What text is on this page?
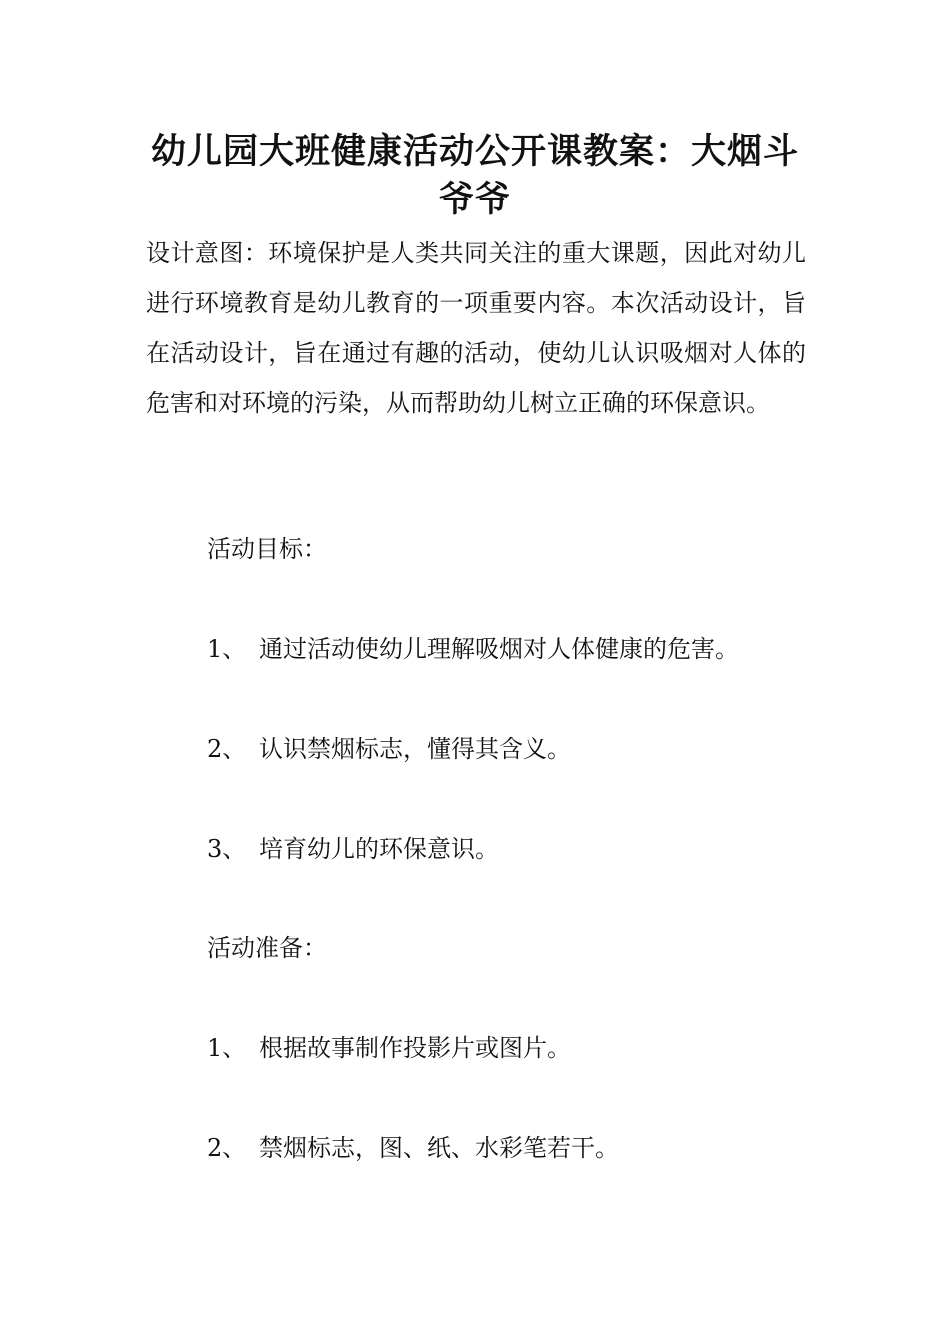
幼儿园大班健康活动公开课教案：大烟斗爷爷

设计意图：环境保护是人类共同关注的重大课题，因此对幼儿进行环境教育是幼儿教育的一项重要内容。本次活动设计，旨在活动设计，旨在通过有趣的活动，使幼儿认识吸烟对人体的危害和对环境的污染，从而帮助幼儿树立正确的环保意识。

活动目标：

1、 通过活动使幼儿理解吸烟对人体健康的危害。

2、 认识禁烟标志，懂得其含义。

3、 培育幼儿的环保意识。

活动准备：

1、 根据故事制作投影片或图片。

2、 禁烟标志，图、纸、水彩笔若干。
